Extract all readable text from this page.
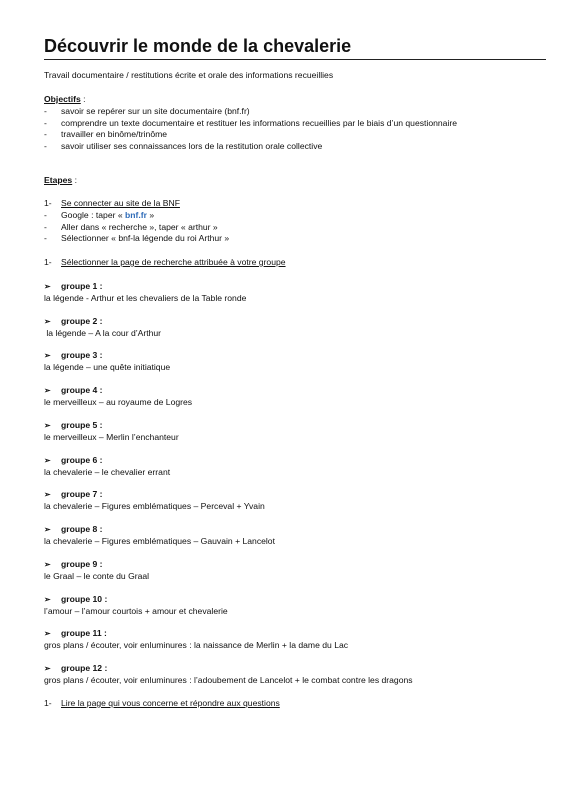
Découvrir le monde de la chevalerie
Travail documentaire / restitutions écrite et orale des informations recueillies
Objectifs :
- savoir se repérer sur un site documentaire (bnf.fr)
- comprendre un texte documentaire et restituer les informations recueillies par le biais d’un questionnaire
- travailler en binôme/trinôme
- savoir utiliser ses connaissances lors de la restitution orale collective
Etapes :
1- Se connecter au site de la BNF
- Google : taper « bnf.fr »
- Aller dans « recherche », taper « arthur »
- Sélectionner « bnf-la légende du roi Arthur »
1- Sélectionner la page de recherche attribuée à votre groupe
➢ groupe 1 :
la légende - Arthur et les chevaliers de la Table ronde
➢ groupe 2 :
la légende – A la cour d’Arthur
➢ groupe 3 :
la légende – une quête initiatique
➢ groupe 4 :
le merveilleux – au royaume de Logres
➢ groupe 5 :
le merveilleux – Merlin l’enchanteur
➢ groupe 6 :
la chevalerie – le chevalier errant
➢ groupe 7 :
la chevalerie – Figures emblématiques – Perceval + Yvain
➢ groupe 8 :
la chevalerie – Figures emblématiques – Gauvain + Lancelot
➢ groupe 9 :
le Graal – le conte du Graal
➢ groupe 10 :
l’amour – l’amour courtois + amour et chevalerie
➢ groupe 11 :
gros plans / écouter, voir enluminures : la naissance de Merlin + la dame du Lac
➢ groupe 12 :
gros plans / écouter, voir enluminures : l’adoubement de Lancelot + le combat contre les dragons
1- Lire la page qui vous concerne et répondre aux questions
